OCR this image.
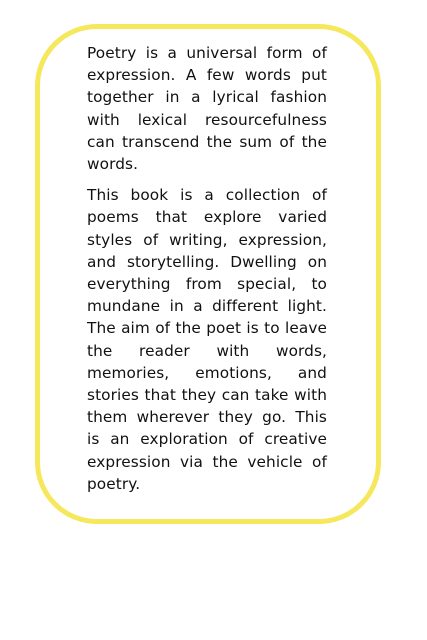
Poetry is a universal form of expression. A few words put together in a lyrical fashion with lexical resourcefulness can transcend the sum of the words.

This book is a collection of poems that explore varied styles of writing, expression, and storytelling. Dwelling on everything from special, to mundane in a different light. The aim of the poet is to leave the reader with words, memories, emotions, and stories that they can take with them wherever they go. This is an exploration of creative expression via the vehicle of poetry.
